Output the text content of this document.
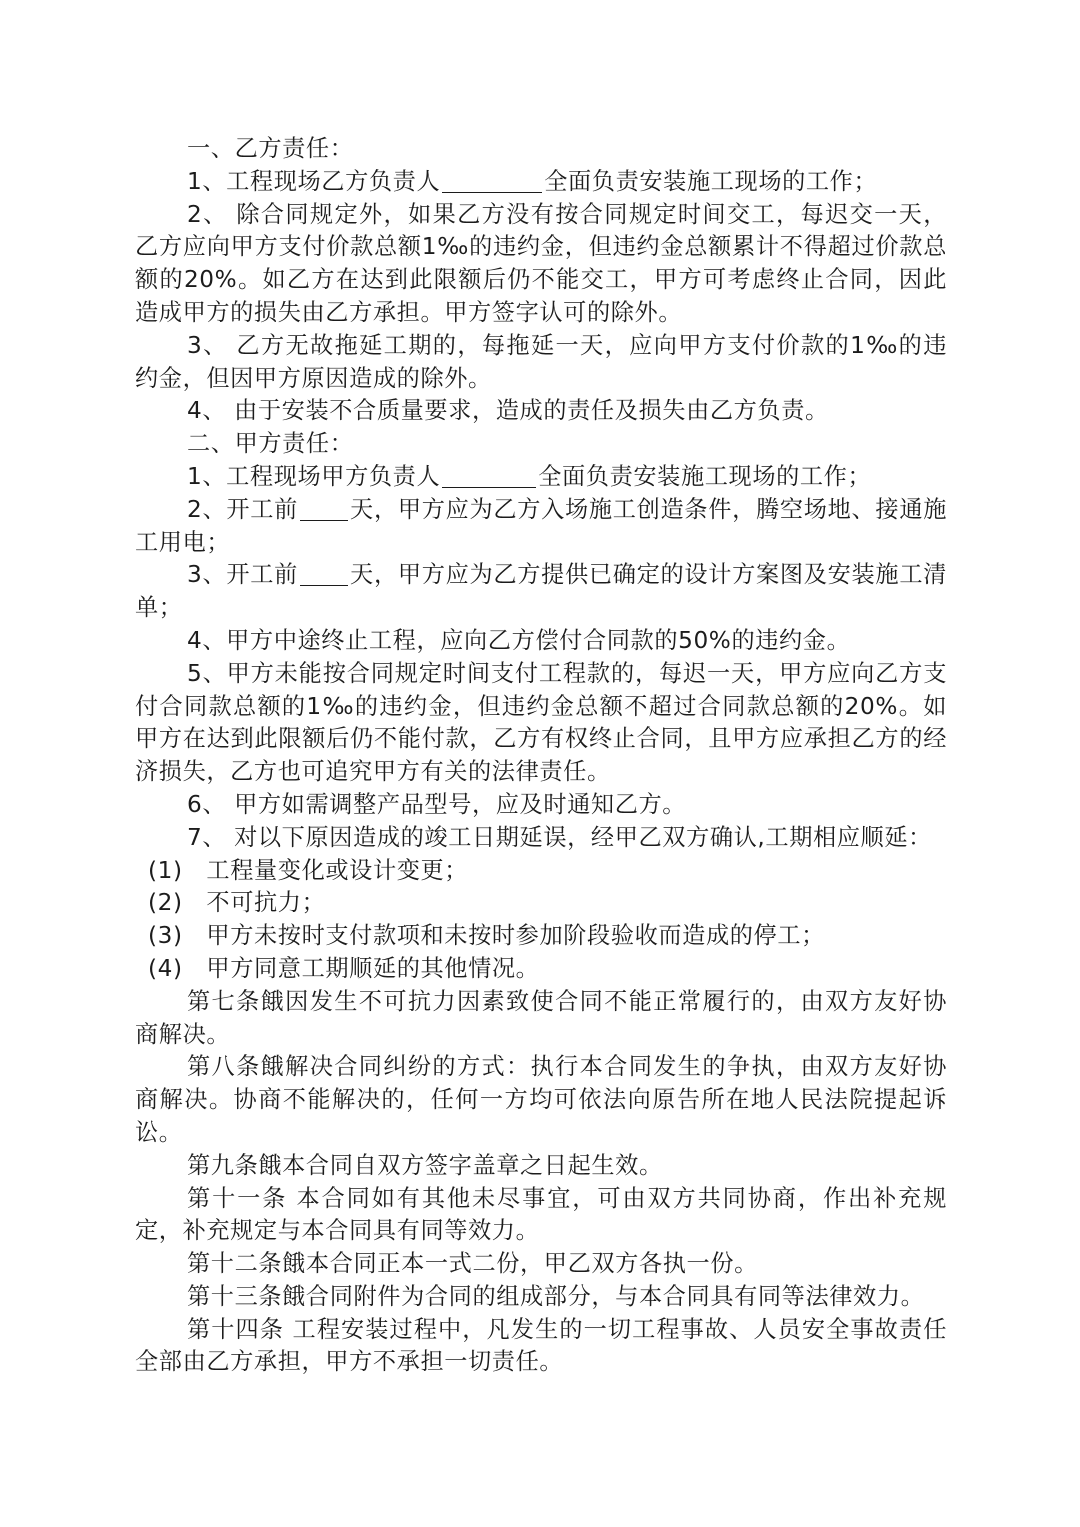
一、乙方责任：

1、工程现场乙方负责人	全面负责安装施工现场的工作；

2、 除合同规定外，如果乙方没有按合同规定时间交工，每迟交一天，乙方应向甲方支付价款总额1‰的违约金，但违约金总额累计不得超过价款总额的20%。如乙方在达到此限额后仍不能交工，甲方可考虑终止合同，因此造成甲方的损失由乙方承担。甲方签字认可的除外。

3、 乙方无故拖延工期的，每拖延一天，应向甲方支付价款的1‰的违约金，但因甲方原因造成的除外。

4、 由于安装不合质量要求，造成的责任及损失由乙方负责。

二、甲方责任：

1、工程现场甲方负责人	全面负责安装施工现场的工作；

2、开工前 天，甲方应为乙方入场施工创造条件，腾空场地、接通施工用电；

3、开工前 天，甲方应为乙方提供已确定的设计方案图及安装施工清单；

4、甲方中途终止工程，应向乙方偿付合同款的50%的违约金。

5、甲方未能按合同规定时间支付工程款的，每迟一天，甲方应向乙方支付合同款总额的1‰的违约金，但违约金总额不超过合同款总额的20%。如甲方在达到此限额后仍不能付款，乙方有权终止合同，且甲方应承担乙方的经济损失，乙方也可追究甲方有关的法律责任。

6、 甲方如需调整产品型号，应及时通知乙方。

7、 对以下原因造成的竣工日期延误，经甲乙双方确认,工期相应顺延：

(1)　工程量变化或设计变更；

(2)　不可抗力；

(3)　甲方未按时支付款项和未按时参加阶段验收而造成的停工；

(4)　甲方同意工期顺延的其他情况。

第七条餓因发生不可抗力因素致使合同不能正常履行的，由双方友好协商解决。

第八条餓解决合同纠纷的方式：执行本合同发生的争执，由双方友好协商解决。协商不能解决的，任何一方均可依法向原告所在地人民法院提起诉讼。

第九条餓本合同自双方签字盖章之日起生效。

第十一条 本合同如有其他未尽事宜，可由双方共同协商，作出补充规定，补充规定与本合同具有同等效力。

第十二条餓本合同正本一式二份，甲乙双方各执一份。

第十三条餓合同附件为合同的组成部分，与本合同具有同等法律效力。

第十四条 工程安装过程中，凡发生的一切工程事故、人员安全事故责任全部由乙方承担，甲方不承担一切责任。
